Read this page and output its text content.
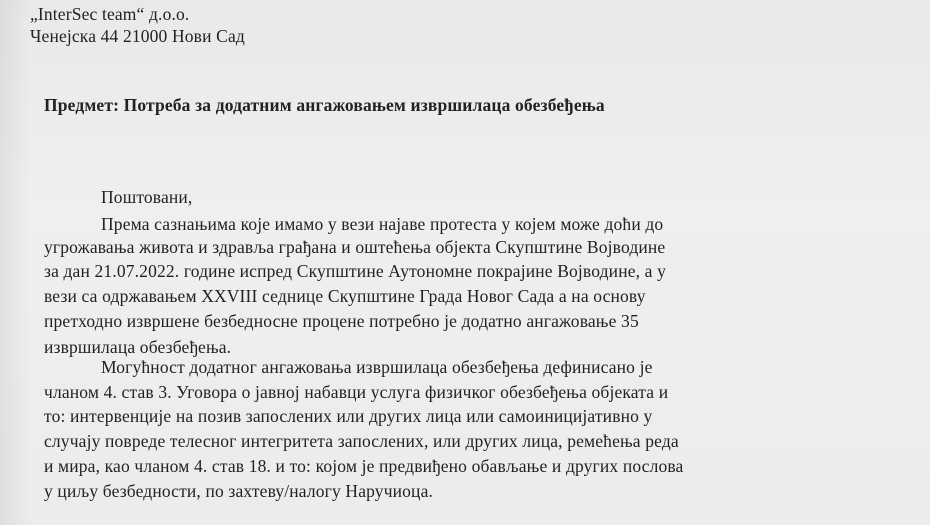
„InterSec team“ д.о.о.
Ченејска 44 21000 Нови Сад
Предмет: Потреба за додатним ангажовањем извршилаца обезбеђења
Поштовани,
Према сазнањима које имамо у вези најаве протеста у којем може доћи до
угрожавања живота и здравља грађана и оштећења објекта Скупштине Војводине
за дан 21.07.2022. године испред Скупштине Аутономне покрајине Војводине, а у
вези са одржавањем XXVIII седнице Скупштине Града Новог Сада а на основу
претходно извршене безбедносне процене потребно је додатно ангажовање 35
извршилаца обезбеђења.
Могућност додатног ангажовања извршилаца обезбеђења дефинисано је
чланом 4. став 3. Уговора о јавној набавци услуга физичког обезбеђења објеката и
то: интервенције на позив запослених или других лица или самоиницијативно у
случају повреде телесног интегритета запослених, или других лица, ремећења реда
и мира, као чланом 4. став 18. и то: којом је предвиђено обављање и других послова
у циљу безбедности, по захтеву/налогу Наручиоца.
